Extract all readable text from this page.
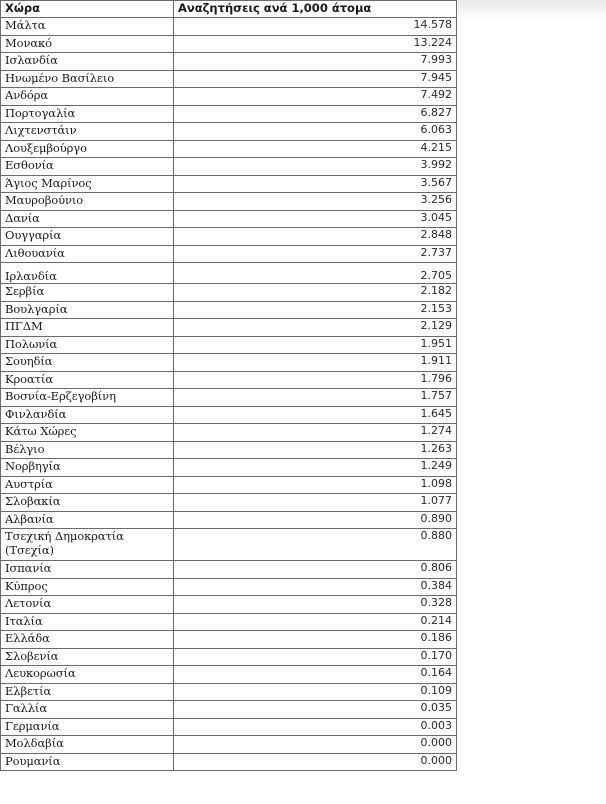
Χώρα	Αναζητήσεις ανά 1,000 άτομα
Μάλτα	14.578
Μονακό	13.224
Ισλανδία	7.993
Ηνωμένο Βασίλειο	7.945
Ανδόρα	7.492
Πορτογαλία	6.827
Λιχτενστάιν	6.063
Λουξεμβούργο	4.215
Εσθονία	3.992
Άγιος Μαρίνος	3.567
Μαυροβούνιο	3.256
Δανία	3.045
Ουγγαρία	2.848
Λιθουανία	2.737
Ιρλανδία	2.705
Σερβία	2.182
Βουλγαρία	2.153
ΠΓΔΜ	2.129
Πολωνία	1.951
Σουηδία	1.911
Κροατία	1.796
Βοσνία-Ερζεγοβίνη	1.757
Φινλανδία	1.645
Κάτω Χώρες	1.274
Βέλγιο	1.263
Νορβηγία	1.249
Αυστρία	1.098
Σλοβακία	1.077
Αλβανία	0.890
Τσεχική Δημοκρατία (Τσεχία)	0.880
Ισπανία	0.806
Κύπρος	0.384
Λετονία	0.328
Ιταλία	0.214
Ελλάδα	0.186
Σλοβενία	0.170
Λευκορωσία	0.164
Ελβετία	0.109
Γαλλία	0.035
Γερμανία	0.003
Μολδαβία	0.000
Ρουμανία	0.000
